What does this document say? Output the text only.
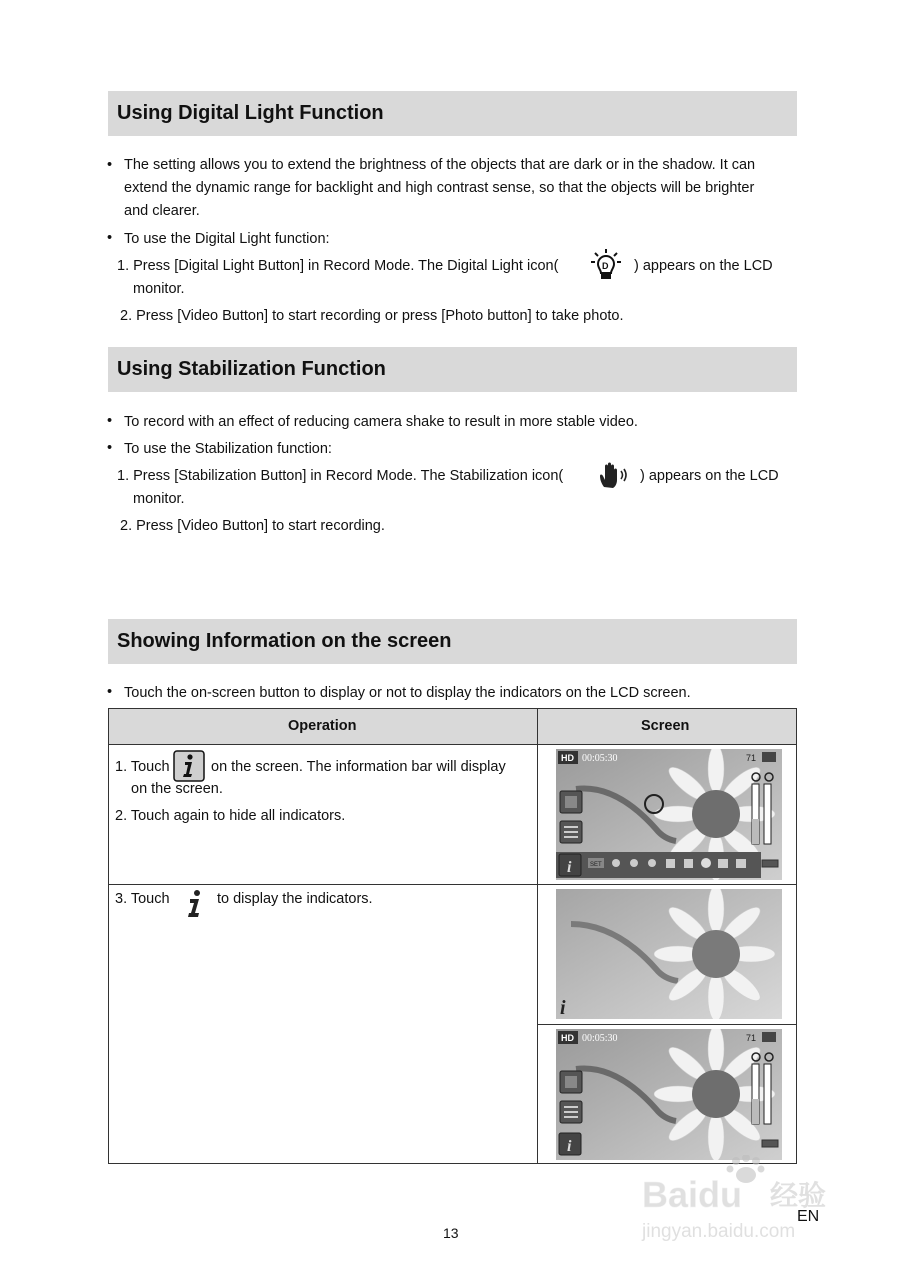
Using Digital Light Function
• The setting allows you to extend the brightness of the objects that are dark or in the shadow. It can
extend the dynamic range for backlight and high contrast sense, so that the objects will be brighter
and clearer.
• To use the Digital Light function:
1. Press [Digital Light Button] in Record Mode. The Digital Light icon(	D ) appears on the LCD
monitor.
2. Press [Video Button] to start recording or press [Photo button] to take photo.
Using Stabilization Function
• To record with an effect of reducing camera shake to result in more stable video.
• To use the Stabilization function:
1. Press [Stabilization Button] in Record Mode. The Stabilization icon(	) appears on the LCD
monitor.
2. Press [Video Button] to start recording.
Showing Information on the screen
• Touch the on-screen button to display or not to display the indicators on the LCD screen.
Operation	Screen
1. Touch	on the screen. The information bar will display
on the screen.
2. Touch again to hide all indicators.
3. Touch	to display the indicators.
HD 00:05:30	71
i	SET
i
HD 00:05:30	71
i
13
EN
Baidu 经验
jingyan.baidu.com
